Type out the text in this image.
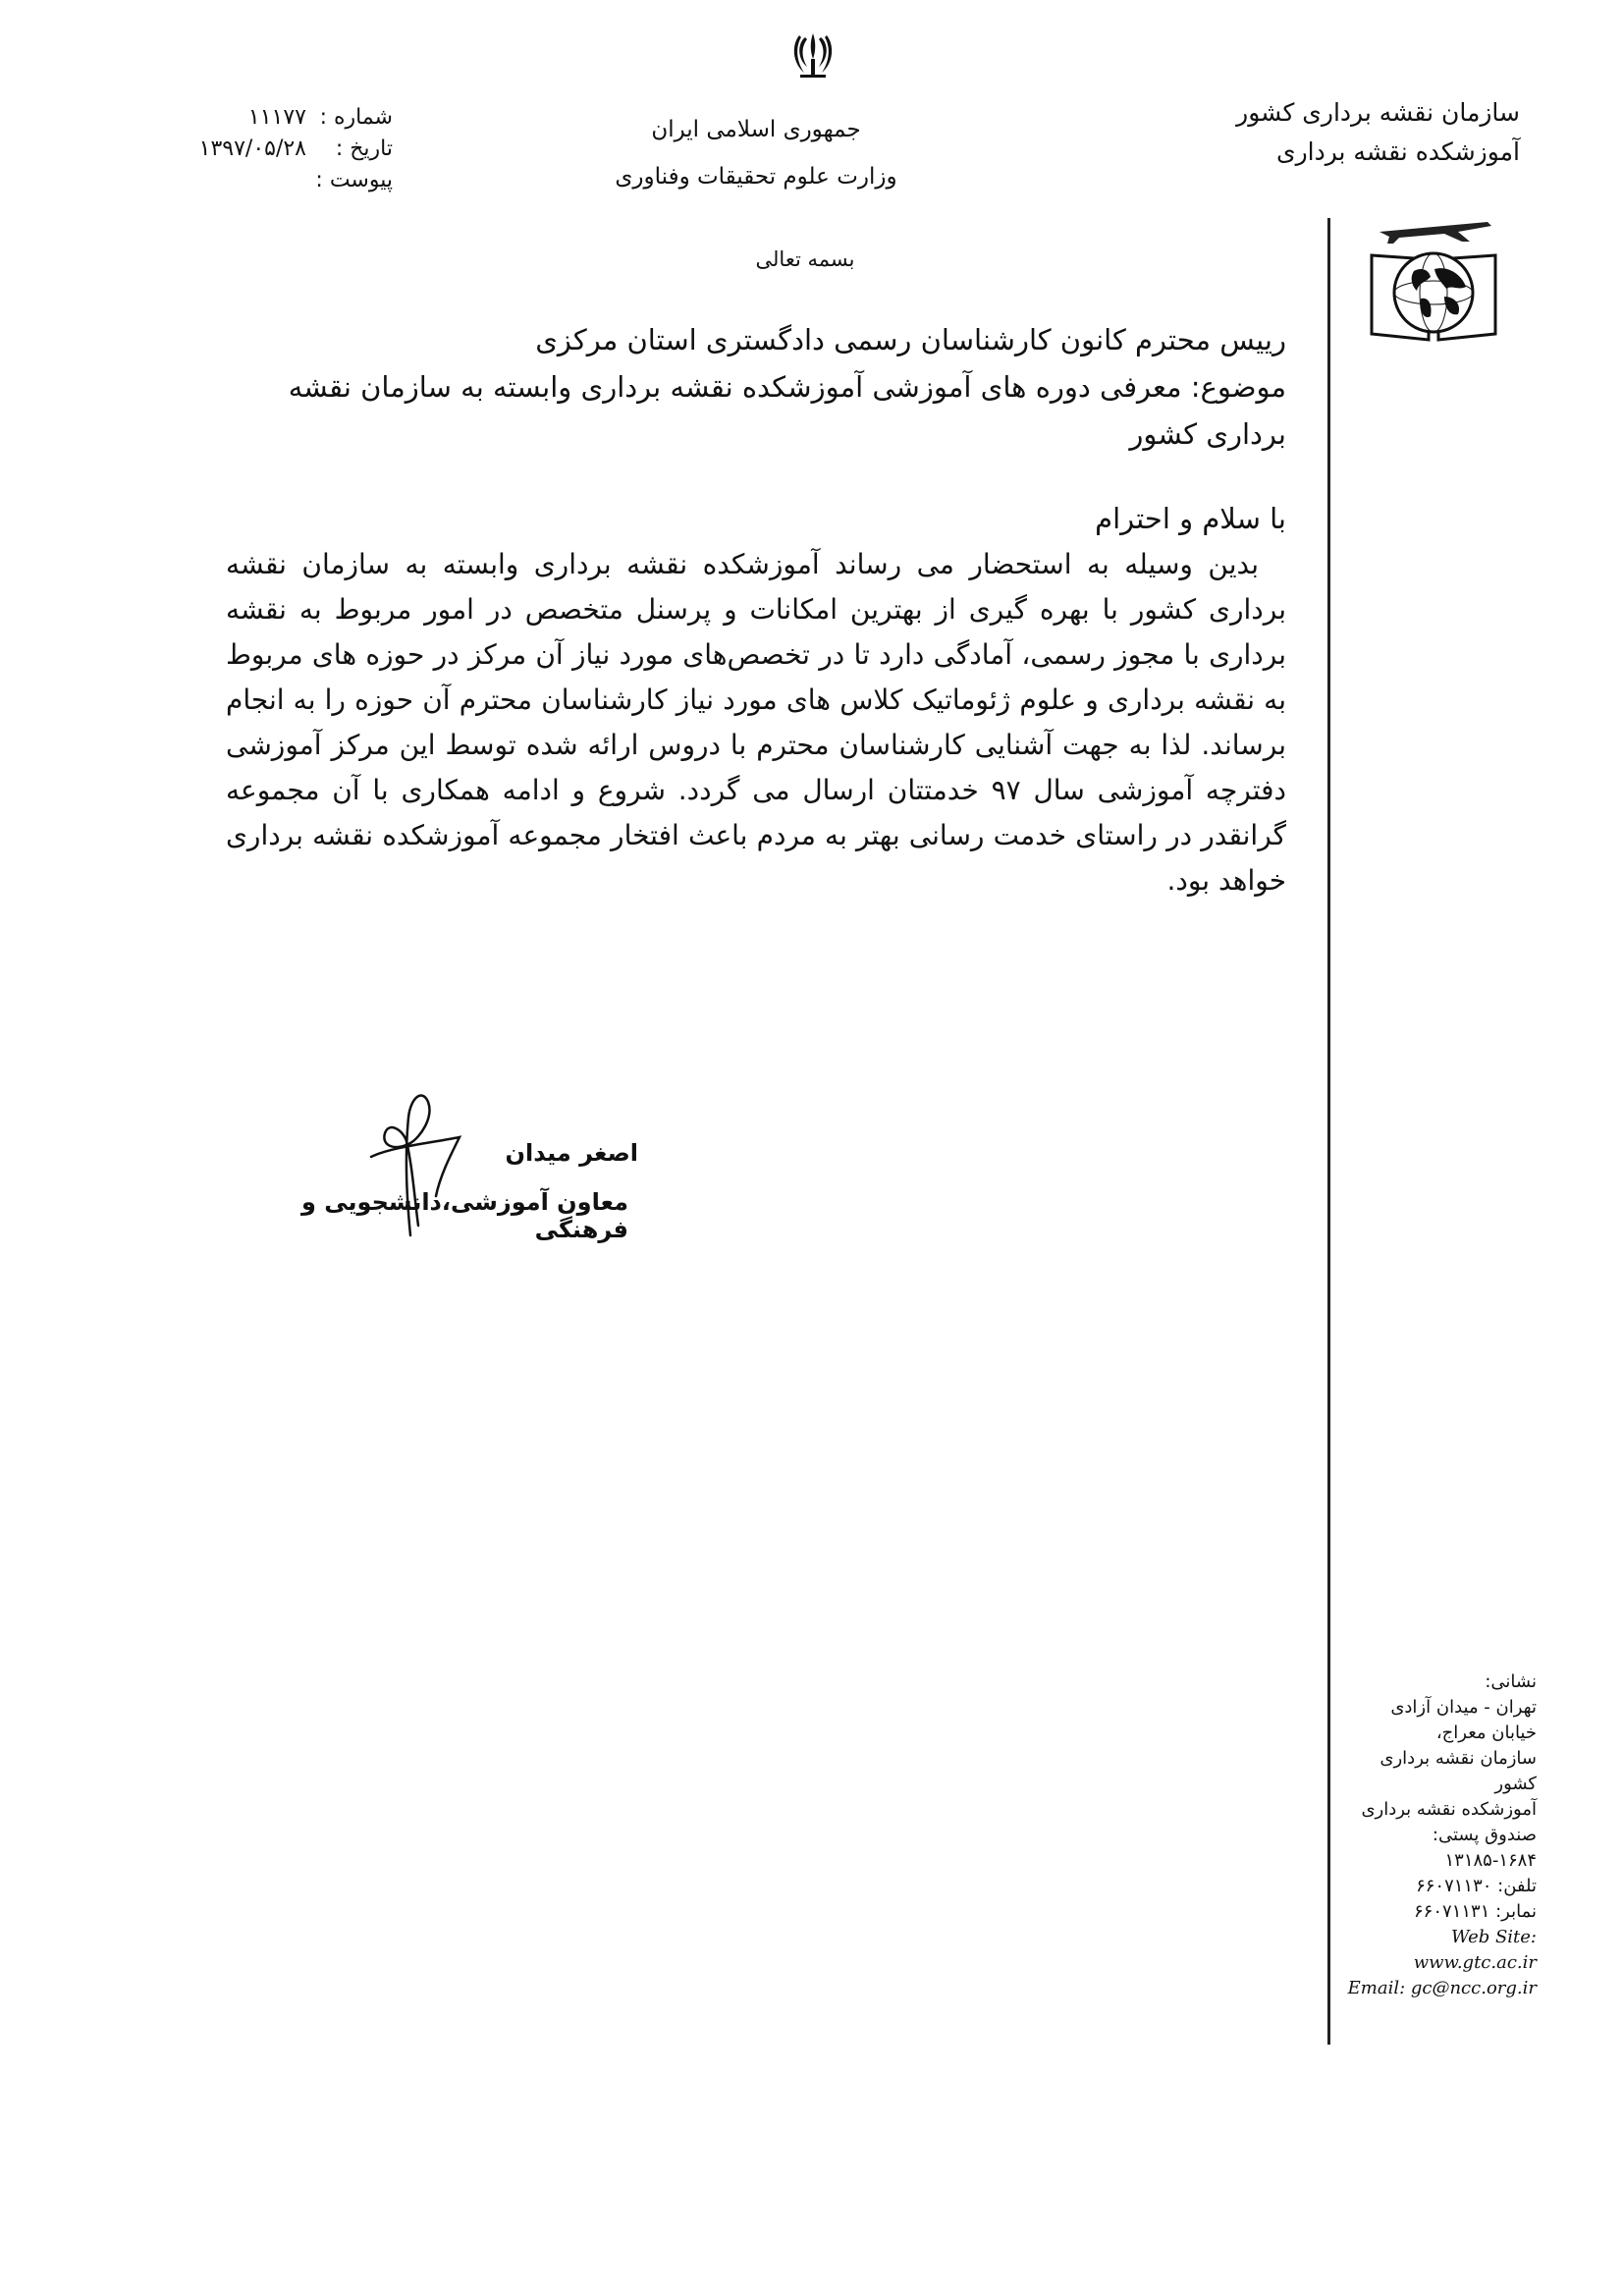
سازمان نقشه برداری کشور
آموزشکده نقشه برداری
جمهوری اسلامی ایران
وزارت علوم تحقیقات وفناوری
بسمه تعالی
شماره :
۱۱۱۷۷
تاریخ :
۱۳۹۷/۰۵/۲۸
پیوست :
رییس محترم کانون کارشناسان رسمی دادگستری استان مرکزی
موضوع: معرفی دوره های آموزشی آموزشکده نقشه برداری وابسته به سازمان نقشه برداری کشور
با سلام و احترام

بدین وسیله به استحضار می رساند آموزشکده نقشه برداری وابسته به سازمان نقشه برداری کشور با بهره گیری از بهترین امکانات و پرسنل متخصص در امور مربوط به نقشه برداری با مجوز رسمی، آمادگی دارد تا در تخصص‌های مورد نیاز آن مرکز در حوزه های مربوط به نقشه برداری و علوم ژئوماتیک کلاس های مورد نیاز کارشناسان محترم آن حوزه را به انجام برساند. لذا به جهت آشنایی کارشناسان محترم با دروس ارائه شده توسط این مرکز آموزشی دفترچه آموزشی سال ۹۷ خدمتتان ارسال می گردد. شروع و ادامه همکاری با آن مجموعه گرانقدر در راستای خدمت رسانی بهتر به مردم باعث افتخار مجموعه آموزشکده نقشه برداری خواهد بود.

اصغر میدان
معاون آموزشی،دانشجویی و فرهنگی
نشانی:
تهران - میدان آزادی
خیابان معراج،
سازمان نقشه برداری کشور
آموزشکده نقشه برداری
صندوق پستی:
۱۳۱۸۵-۱۶۸۴
تلفن: ۶۶۰۷۱۱۳۰
نمابر: ۶۶۰۷۱۱۳۱
Web Site: www.gtc.ac.ir
Email: gc@ncc.org.ir
